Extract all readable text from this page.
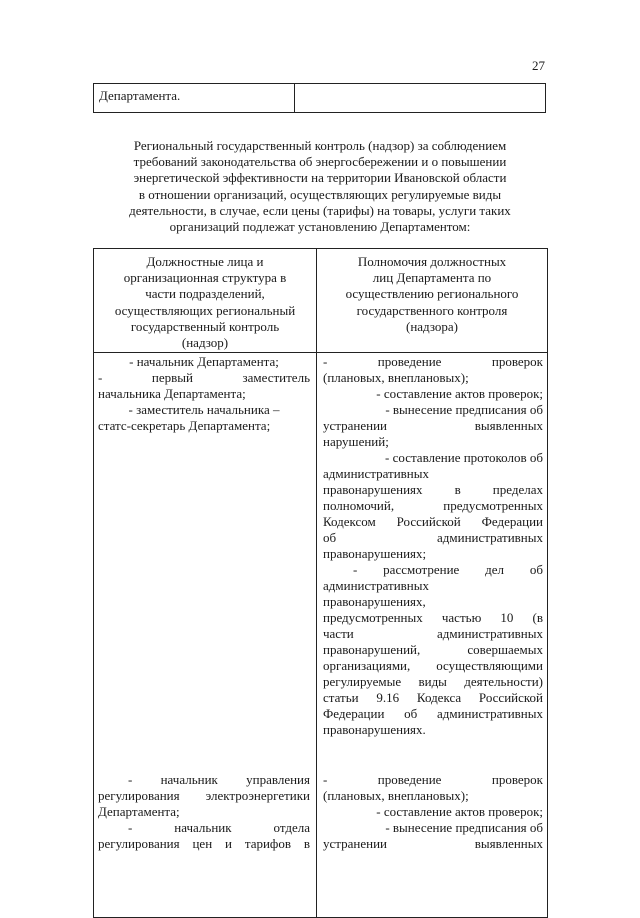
27
Департамента.
Региональный государственный контроль (надзор) за соблюдением
требований законодательства об энергосбережении и о повышении
энергетической эффективности на территории Ивановской области
в отношении организаций, осуществляющих регулируемые виды
деятельности, в случае, если цены (тарифы) на товары, услуги таких
организаций подлежат установлению Департаментом:
Должностные лица и
организационная структура в
части подразделений,
осуществляющих региональный
государственный контроль
(надзор)
Полномочия должностных
лиц Департамента по
осуществлению регионального
государственного контроля
(надзора)
- начальник Департамента;
- первый заместитель
начальника Департамента;
- заместитель начальника –
статс-секретарь Департамента;
- проведение проверок
(плановых, внеплановых);
- составление актов проверок;
- вынесение предписания об
устранении выявленных
нарушений;
- составление протоколов об
административных
правонарушениях в пределах
полномочий, предусмотренных
Кодексом Российской Федерации
об административных
правонарушениях;
- рассмотрение дел об
административных
правонарушениях,
предусмотренных частью 10 (в
части административных
правонарушений, совершаемых
организациями, осуществляющими
регулируемые виды деятельности)
статьи 9.16 Кодекса Российской
Федерации об административных
правонарушениях.
- начальник управления
регулирования электроэнергетики
Департамента;
- начальник отдела
регулирования цен и тарифов в
- проведение проверок
(плановых, внеплановых);
- составление актов проверок;
- вынесение предписания об
устранении выявленных
